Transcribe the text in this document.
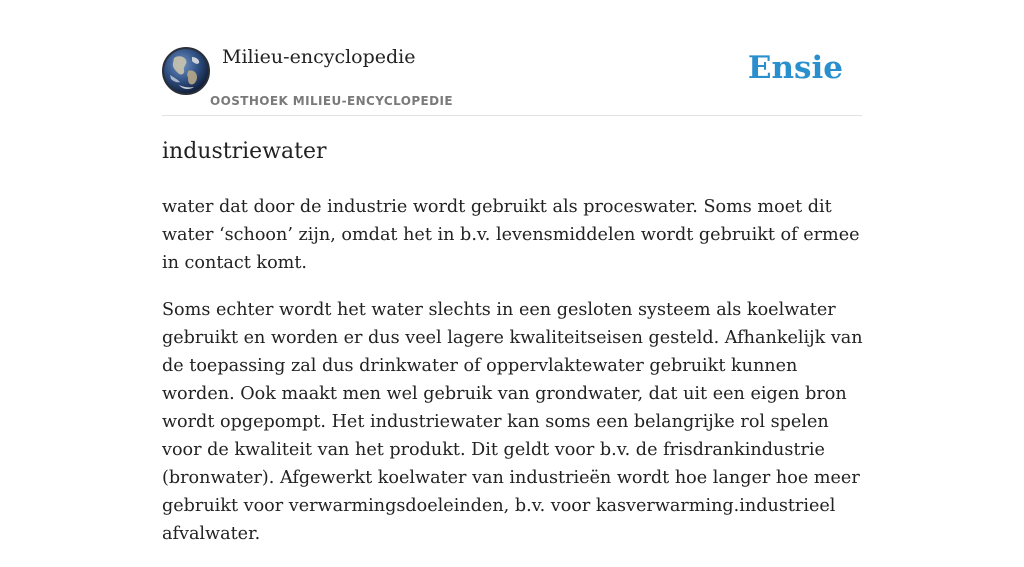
Milieu-encyclopedie
OOSTHOEK MILIEU-ENCYCLOPEDIE
Ensie
industriewater

water dat door de industrie wordt gebruikt als proceswater. Soms moet dit water ‘schoon’ zijn, omdat het in b.v. levensmiddelen wordt gebruikt of ermee in contact komt.

Soms echter wordt het water slechts in een gesloten systeem als koelwater gebruikt en worden er dus veel lagere kwaliteitseisen gesteld. Afhankelijk van de toepassing zal dus drinkwater of oppervlaktewater gebruikt kunnen worden. Ook maakt men wel gebruik van grondwater, dat uit een eigen bron wordt opgepompt. Het industriewater kan soms een belangrijke rol spelen voor de kwaliteit van het produkt. Dit geldt voor b.v. de frisdrankindustrie (bronwater). Afgewerkt koelwater van industrieën wordt hoe langer hoe meer gebruikt voor verwarmingsdoeleinden, b.v. voor kasverwarming.industrieel afvalwater.
